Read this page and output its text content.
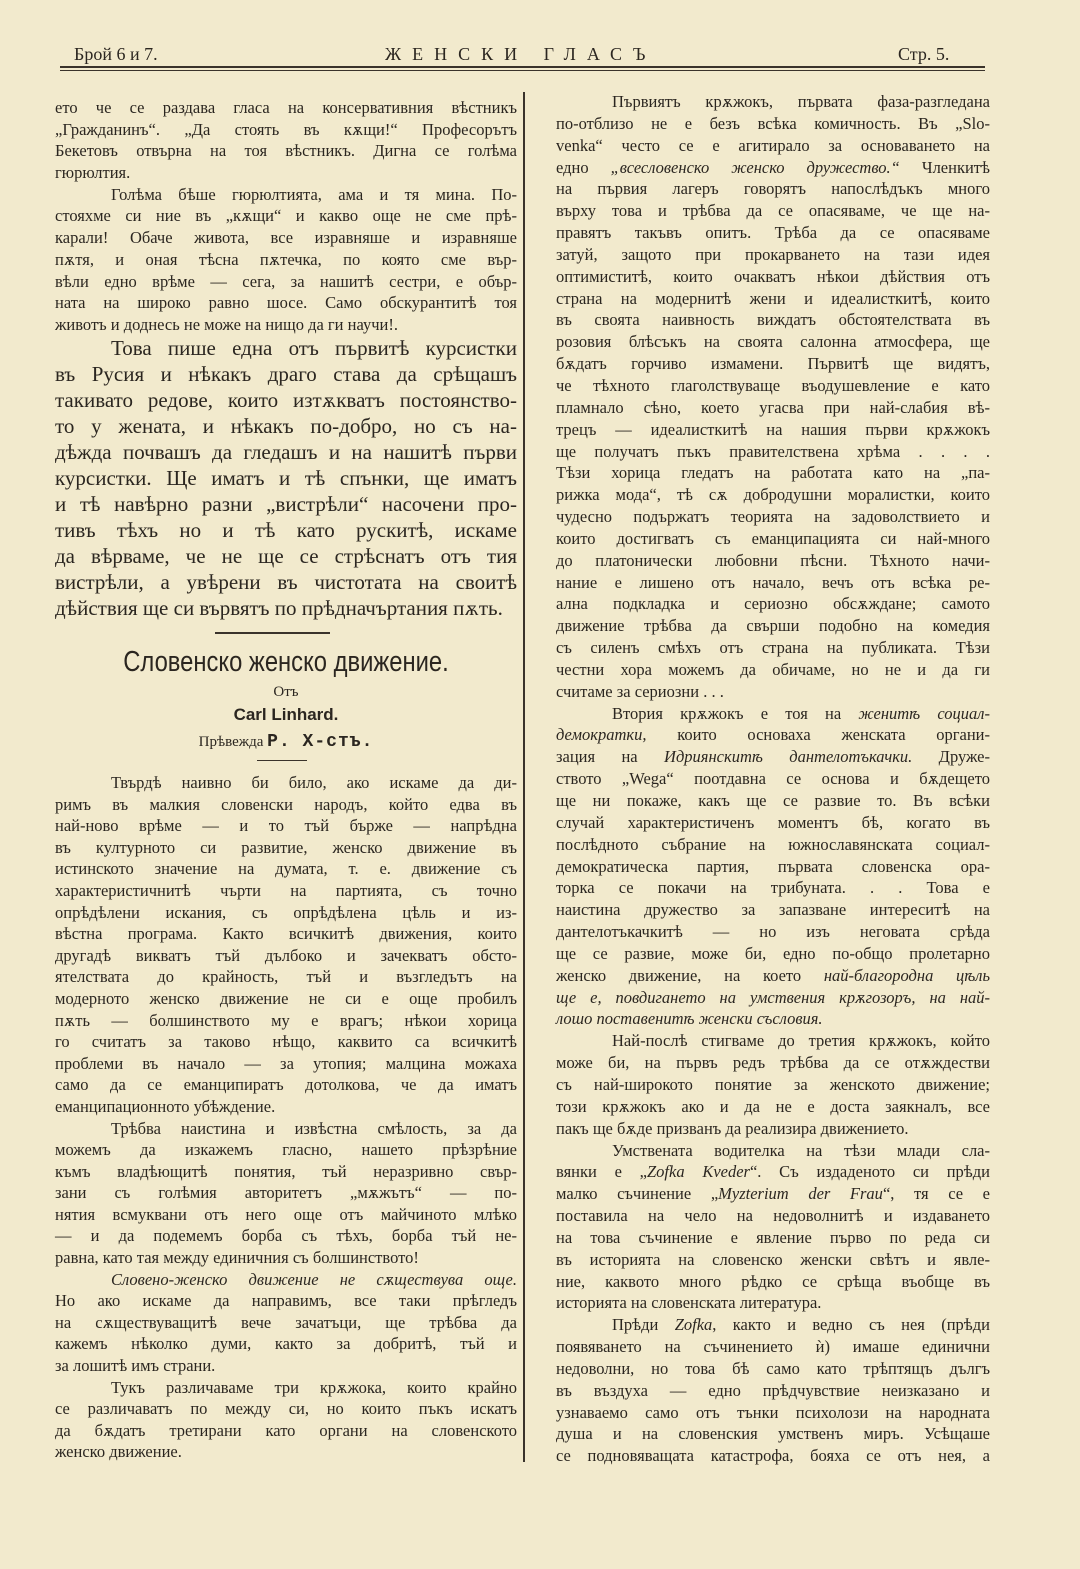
Брой 6 и 7.	ЖЕНСКИ ГЛАСЪ	Стр. 5.
ето че се раздава гласа на консервативния вѣстникъ
„Гражданинъ“. „Да стоять въ кѫщи!“ Професорътъ
Бекетовъ отвърна на тоя вѣстникъ. Дигна се голѣма
гюрюлтия.
Голѣма бѣше гюрюлтията, ама и тя мина. По-
стояхме си ние въ „кѫщи“ и какво още не сме прѣ-
карали! Обаче живота, все изравняше и изравняше
пѫтя, и оная тѣсна пѫтечка, по която сме вър-
вѣли едно врѣме — сега, за нашитѣ сестри, е обър-
ната на широко равно шосе. Само обскурантитѣ тоя
животъ и доднесь не може на нищо да ги научи!.
Това пише една отъ първитѣ курсистки
въ Русия и нѣкакъ драго става да срѣщашъ
такивато редове, които изтѫкватъ постоянство-
то у жената, и нѣкакъ по-добро, но съ на-
дѣжда почвашъ да гледашъ и на нашитѣ първи
курсистки. Ще иматъ и тѣ спънки, ще иматъ
и тѣ навѣрно разни „вистрѣли“ насочени про-
тивъ тѣхъ но и тѣ като рускитѣ, искаме
да вѣрваме, че не ще се стрѣснатъ отъ тия
вистрѣли, а увѣрени въ чистотата на своитѣ
дѣйствия ще си вървятъ по прѣдначъртания пѫть.
Словенско женско движение.
Отъ
Carl Linhard.
Прѣвежда Р. Х-стъ.
Твърдѣ наивно би било, ако искаме да ди-
римъ въ малкия словенски народъ, който едва въ
най-ново врѣме — и то тъй бърже — напрѣдна
въ културното си развитие, женско движение въ
истинското значение на думата, т. е. движение съ
характеристичнитѣ чърти на партията, съ точно
опрѣдѣлени искания, съ опрѣдѣлена цѣль и из-
вѣстна програма. Както всичкитѣ движения, които
другадѣ викватъ тъй дълбоко и зачекватъ обсто-
ятелствата до крайность, тъй и възгледътъ на
модерното женско движение не си е още пробилъ
пѫть — болшинството му е врагъ; нѣкои хорица
го считатъ за таково нѣщо, каквито са всичкитѣ
проблеми въ начало — за утопия; малцина можаха
само да се еманципиратъ дотолкова, че да иматъ
еманципационното убѣждение.
Трѣбва наистина и извѣстна смѣлость, за да
можемъ да изкажемъ гласно, нашето прѣзрѣние
къмъ владѣющитѣ понятия, тъй неразривно свър-
зани съ голѣмия авторитетъ „мѫжътъ“ — по-
нятия всмуквани отъ него още отъ майчиното млѣко
— и да подемемъ борба съ тѣхъ, борба тъй не-
равна, като тая между единичния съ болшинството!
Словено-женско движение не сѫществува още.
Но ако искаме да направимъ, все таки прѣгледъ
на сѫществуващитѣ вече зачатъци, ще трѣбва да
кажемъ нѣколко думи, както за добритѣ, тъй и
за лошитѣ имъ страни.
Тукъ различаваме три крѫжока, които крайно
се различаватъ по между си, но които пъкъ искатъ
да бѫдатъ третирани като органи на словенското
женско движение.
Първиятъ крѫжокъ, първата фаза-разгледана
по-отблизо не е безъ всѣка комичность. Въ „Slo-
venka“ често се е агитирало за основаването на
едно „всесловенско женско дружество.“ Членкитѣ
на първия лагеръ говорятъ напослѣдъкъ много
върху това и трѣбва да се опасяваме, че ще на-
правятъ такъвъ опитъ. Трѣба да се опасяваме
затуй, защото при прокарването на тази идея
оптимиститѣ, които очакватъ нѣкои дѣйствия отъ
страна на модернитѣ жени и идеалисткитѣ, които
въ своята наивность виждатъ обстоятелствата въ
розовия блѣсъкъ на своята салонна атмосфера, ще
бѫдатъ горчиво измамени. Първитѣ ще видятъ,
че тѣхното глаголствуваще въодушевление е като
пламнало сѣно, което угасва при най-слабия вѣ-
трецъ — идеалисткитѣ на нашия първи крѫжокъ
ще получатъ пъкъ правителствена хрѣма . . . .
Тѣзи хорица гледатъ на работата като на „па-
рижка мода“, тѣ сѫ добродушни моралистки, които
чудесно подържатъ теорията на задоволствието и
които достигватъ съ еманципацията си най-много
до платонически любовни пѣсни. Тѣхното начи-
нание е лишено отъ начало, вечъ отъ всѣка ре-
ална подкладка и сериозно обсѫждане; самото
движение трѣбва да свърши подобно на комедия
съ силенъ смѣхъ отъ страна на публиката. Тѣзи
честни хора можемъ да обичаме, но не и да ги
считаме за сериозни . . .
Втория крѫжокъ е тоя на женитѣ социал-
демократки, които основаха женската органи-
зация на Идриянскитѣ дантелотъкачки. Друже-
ството „Wega“ поотдавна се основа и бѫдещето
ще ни покаже, какъ ще се развие то. Въ всѣки
случай характеристиченъ моментъ бѣ, когато въ
послѣдното събрание на южнославянската социал-
демократическа партия, първата словенска ора-
торка се покачи на трибуната. . . Това е
наистина дружество за запазване интереситѣ на
дантелотъкачкитѣ — но изъ неговата срѣда
ще се развие, може би, едно по-общо пролетарно
женско движение, на което най-благородна цѣль
ще е, повдигането на умствения крѫгозоръ, на най-
лошо поставенитѣ женски съсловия.
Най-послѣ стигваме до третия крѫжокъ, който
може би, на първъ редъ трѣбва да се отѫждестви
съ най-широкото понятие за женското движение;
този крѫжокъ ако и да не е доста заякналъ, все
пакъ ще бѫде призванъ да реализира движението.
Умствената водителка на тѣзи млади сла-
вянки е „Zofka Kveder“. Съ издаденото си прѣди
малко съчинение „Myzterium der Frau“, тя се е
поставила на чело на недоволнитѣ и издаването
на това съчинение е явление първо по реда си
въ историята на словенско женски свѣтъ и явле-
ние, каквото много рѣдко се срѣща въобще въ
историята на словенската литература.
Прѣди Zofka, както и ведно съ нея (прѣди
появяването на съчинението ѝ) имаше единични
недоволни, но това бѣ само като трѣптящъ дългъ
въ въздуха — едно прѣдчувствие неизказано и
узнаваемо само отъ тънки психолози на народната
душа и на словенския умственъ миръ. Усѣщаше
се подновяващата катастрофа, бояха се отъ нея, а
